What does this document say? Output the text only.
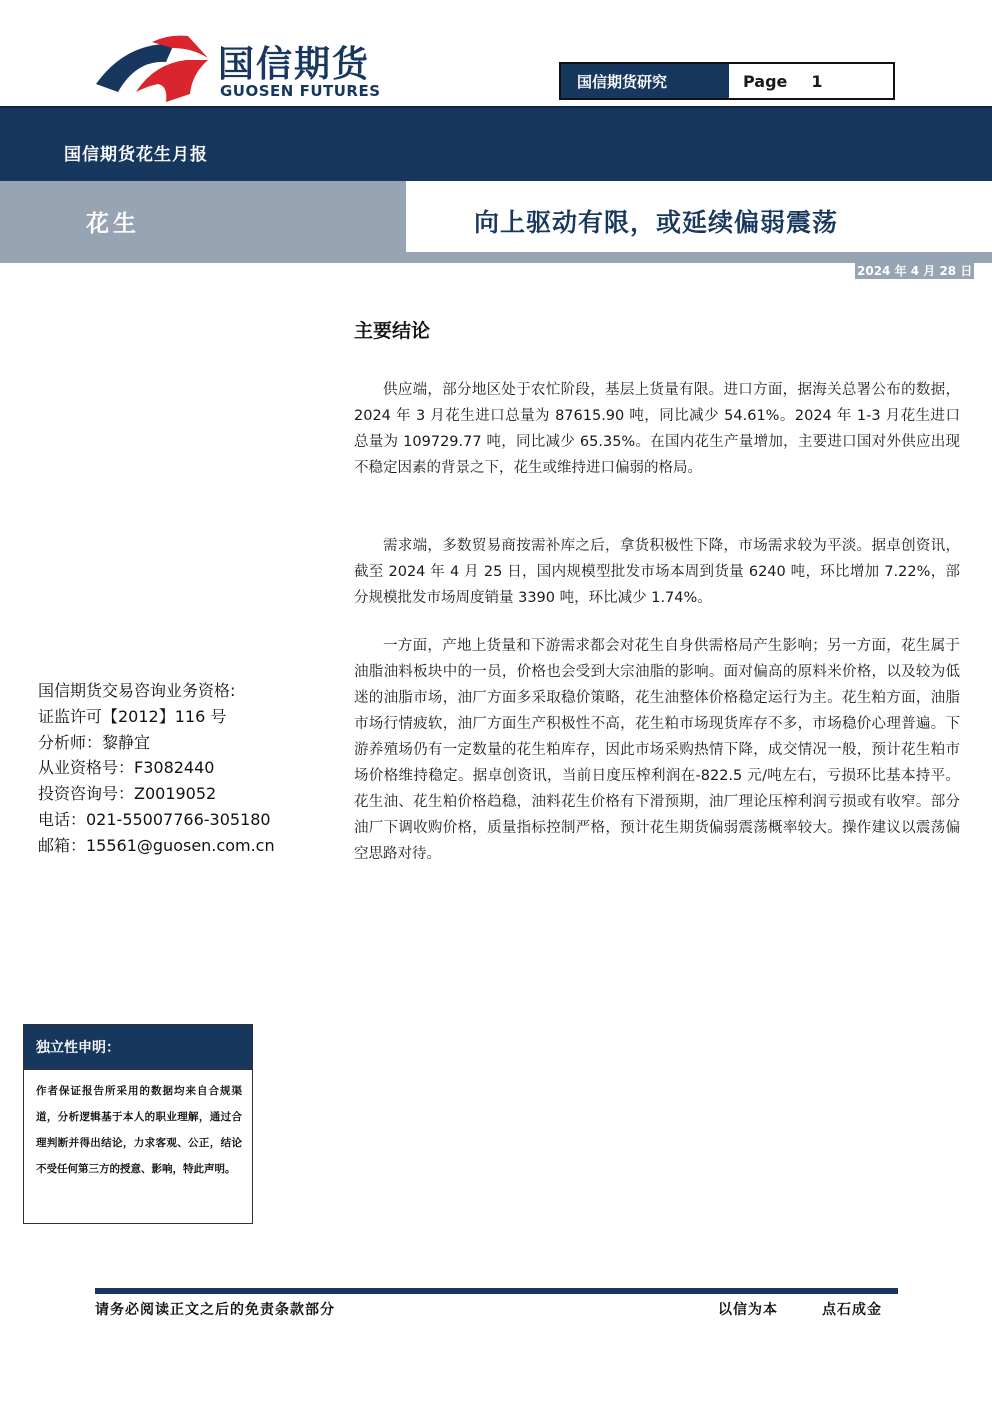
国信期货
GUOSEN FUTURES
国信期货研究	Page 1
国信期货花生月报
花生	向上驱动有限，或延续偏弱震荡
2024 年 4 月 28 日
主要结论

供应端，部分地区处于农忙阶段，基层上货量有限。进口方面，据海关总署公布的数据，2024 年 3 月花生进口总量为 87615.90 吨，同比减少 54.61%。2024 年 1-3 月花生进口总量为 109729.77 吨，同比减少 65.35%。在国内花生产量增加，主要进口国对外供应出现不稳定因素的背景之下，花生或维持进口偏弱的格局。

需求端，多数贸易商按需补库之后，拿货积极性下降，市场需求较为平淡。据卓创资讯，截至 2024 年 4 月 25 日，国内规模型批发市场本周到货量 6240 吨，环比增加 7.22%，部分规模批发市场周度销量 3390 吨，环比减少 1.74%。

一方面，产地上货量和下游需求都会对花生自身供需格局产生影响；另一方面，花生属于油脂油料板块中的一员，价格也会受到大宗油脂的影响。面对偏高的原料米价格，以及较为低迷的油脂市场，油厂方面多采取稳价策略，花生油整体价格稳定运行为主。花生粕方面，油脂市场行情疲软，油厂方面生产积极性不高，花生粕市场现货库存不多，市场稳价心理普遍。下游养殖场仍有一定数量的花生粕库存，因此市场采购热情下降，成交情况一般，预计花生粕市场价格维持稳定。据卓创资讯，当前日度压榨利润在-822.5 元/吨左右，亏损环比基本持平。花生油、花生粕价格趋稳，油料花生价格有下滑预期，油厂理论压榨利润亏损或有收窄。部分油厂下调收购价格，质量指标控制严格，预计花生期货偏弱震荡概率较大。操作建议以震荡偏空思路对待。

国信期货交易咨询业务资格:
证监许可【2012】116 号
分析师：黎静宜
从业资格号：F3082440
投资咨询号：Z0019052
电话：021-55007766-305180
邮箱：15561@guosen.com.cn
独立性申明：
作者保证报告所采用的数据均来自合规渠道，分析逻辑基于本人的职业理解，通过合理判断并得出结论，力求客观、公正，结论不受任何第三方的授意、影响，特此声明。
请务必阅读正文之后的免责条款部分	以信为本	点石成金
